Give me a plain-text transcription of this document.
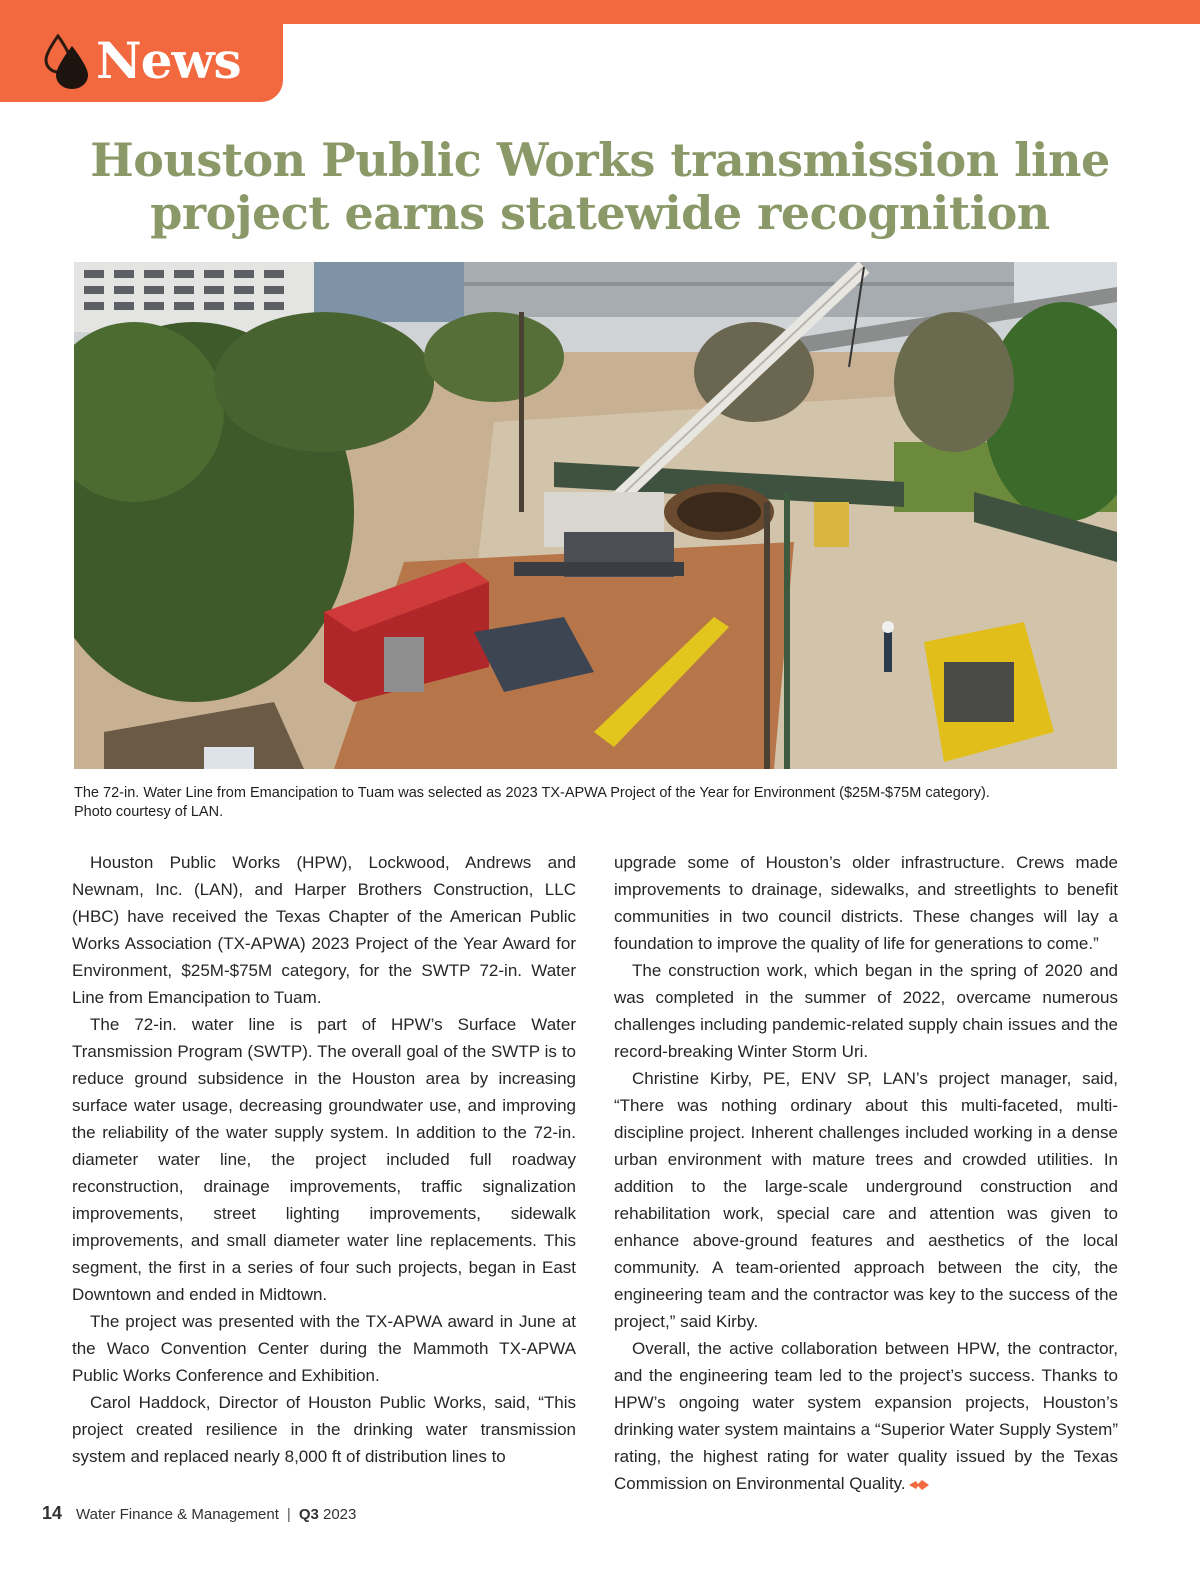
News
Houston Public Works transmission line project earns statewide recognition

The 72-in. Water Line from Emancipation to Tuam was selected as 2023 TX-APWA Project of the Year for Environment ($25M-$75M category).

Photo courtesy of LAN.

Houston Public Works (HPW), Lockwood, Andrews and Newnam, Inc. (LAN), and Harper Brothers Construction, LLC (HBC) have received the Texas Chapter of the American Public Works Association (TX-APWA) 2023 Project of the Year Award for Environment, $25M-$75M category, for the SWTP 72-in. Water Line from Emancipation to Tuam.

The 72-in. water line is part of HPW’s Surface Water Transmission Program (SWTP). The overall goal of the SWTP is to reduce ground subsidence in the Houston area by increasing surface water usage, decreasing groundwater use, and improving the reliability of the water supply system. In addition to the 72-in. diameter water line, the project included full roadway reconstruction, drainage improvements, traffic signalization improvements, street lighting improvements, sidewalk improvements, and small diameter water line replacements. This segment, the first in a series of four such projects, began in East Downtown and ended in Midtown.

The project was presented with the TX-APWA award in June at the Waco Convention Center during the Mammoth TX-APWA Public Works Conference and Exhibition.

Carol Haddock, Director of Houston Public Works, said, “This project created resilience in the drinking water transmission system and replaced nearly 8,000 ft of distribution lines to

upgrade some of Houston’s older infrastructure. Crews made improvements to drainage, sidewalks, and streetlights to benefit communities in two council districts. These changes will lay a foundation to improve the quality of life for generations to come.”

The construction work, which began in the spring of 2020 and was completed in the summer of 2022, overcame numerous challenges including pandemic-related supply chain issues and the record-breaking Winter Storm Uri.

Christine Kirby, PE, ENV SP, LAN’s project manager, said, “There was nothing ordinary about this multi-faceted, multi-discipline project. Inherent challenges included working in a dense urban environment with mature trees and crowded utilities. In addition to the large-scale underground construction and rehabilitation work, special care and attention was given to enhance above-ground features and aesthetics of the local community. A team-oriented approach between the city, the engineering team and the contractor was key to the success of the project,” said Kirby.

Overall, the active collaboration between HPW, the contractor, and the engineering team led to the project’s success. Thanks to HPW’s ongoing water system expansion projects, Houston’s drinking water system maintains a “Superior Water Supply System” rating, the highest rating for water quality issued by the Texas Commission on Environmental Quality.

14 Water Finance & Management | Q3 2023
